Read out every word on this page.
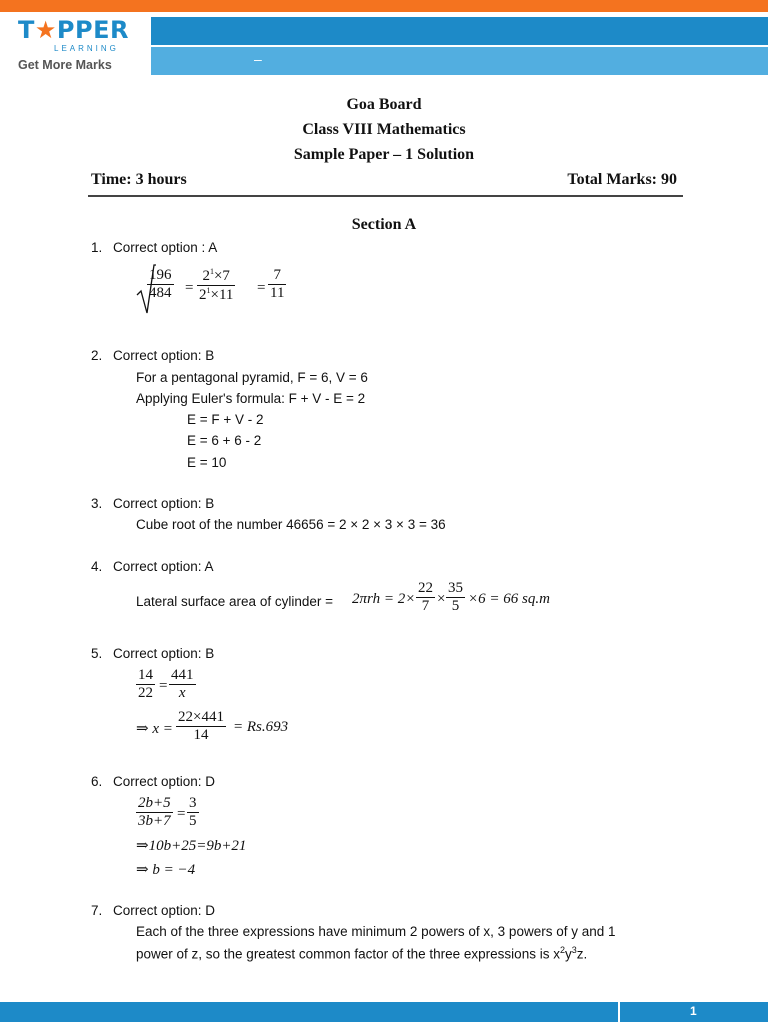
T★PPER
LEARNING
Get More Marks	–
Goa Board
Class VIII Mathematics
Sample Paper – 1 Solution
Time: 3 hours	Total Marks: 90
Section A
1. Correct option : A
$\frac{196}{484} = \frac{2^1\times 7}{2^1\times 11} = \frac{7}{11}$
2. Correct option: B
For a pentagonal pyramid, F = 6, V = 6
Applying Euler's formula: F + V - E = 2
E = F + V - 2
E = 6 + 6 - 2
E = 10
3. Correct option: B
Cube root of the number 46656 = 2 × 2 × 3 × 3 = 36
4. Correct option: A
Lateral surface area of cylinder = $2\pi rh = 2\times \frac{22}{7} \times \frac{35}{5} \times 6 = 66$ sq.m
5. Correct option: B
$\frac{14}{22} = \frac{441}{x}$
⇒ $x = \frac{22\times 441}{14} = Rs.693$
6. Correct option: D
$\frac{2b+5}{3b+7} = \frac{3}{5}$
⇒10b+25=9b+21
⇒ b = −4
7. Correct option: D
Each of the three expressions have minimum 2 powers of x, 3 powers of y and 1
power of z, so the greatest common factor of the three expressions is $x^2y^3z$.
1
